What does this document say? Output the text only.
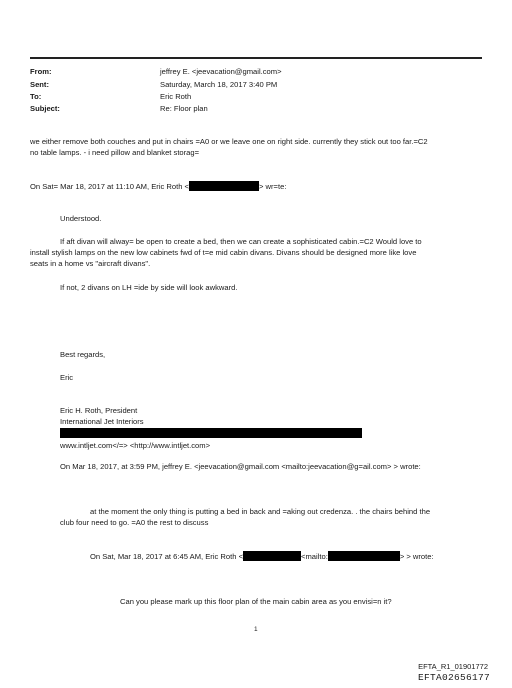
From:	jeffrey E. <jeevacation@gmail.com>
Sent:	Saturday, March 18, 2017 3:40 PM
To:	Eric Roth
Subject:	Re: Floor plan
we either remove both couches and put in chairs =A0 or we leave one on right side. currently they stick out too far.=C2
no table lamps. - i need pillow and blanket storag=
On Sat= Mar 18, 2017 at 11:10 AM, Eric Roth <	> wr=te:
Understood.
If aft divan will alway= be open to create a bed, then we can create a sophisticated cabin.=C2 Would love to
install stylish lamps on the new low cabinets fwd of t=e mid cabin divans. Divans should be designed more like love
seats in a home vs "aircraft divans".
If not, 2 divans on LH =ide by side will look awkward.
Best regards,
Eric
Eric H. Roth, President
International Jet Interiors
www.intljet.com</=> <http://www.intljet.com>
On Mar 18, 2017, at 3:59 PM, jeffrey E. <jeevacation@gmail.com <mailto:jeevacation@g=ail.com> > wrote:
at the moment the only thing is putting a bed in back and =aking out credenza. . the chairs behind the
club four need to go. =A0 the rest to discuss
On Sat, Mar 18, 2017 at 6:45 AM, Eric Roth <	<mailto:	> > wrote:
Can you please mark up this floor plan of the main cabin area as you envisi=n it?
1
EFTA_R1_01901772
EFTA02656177
